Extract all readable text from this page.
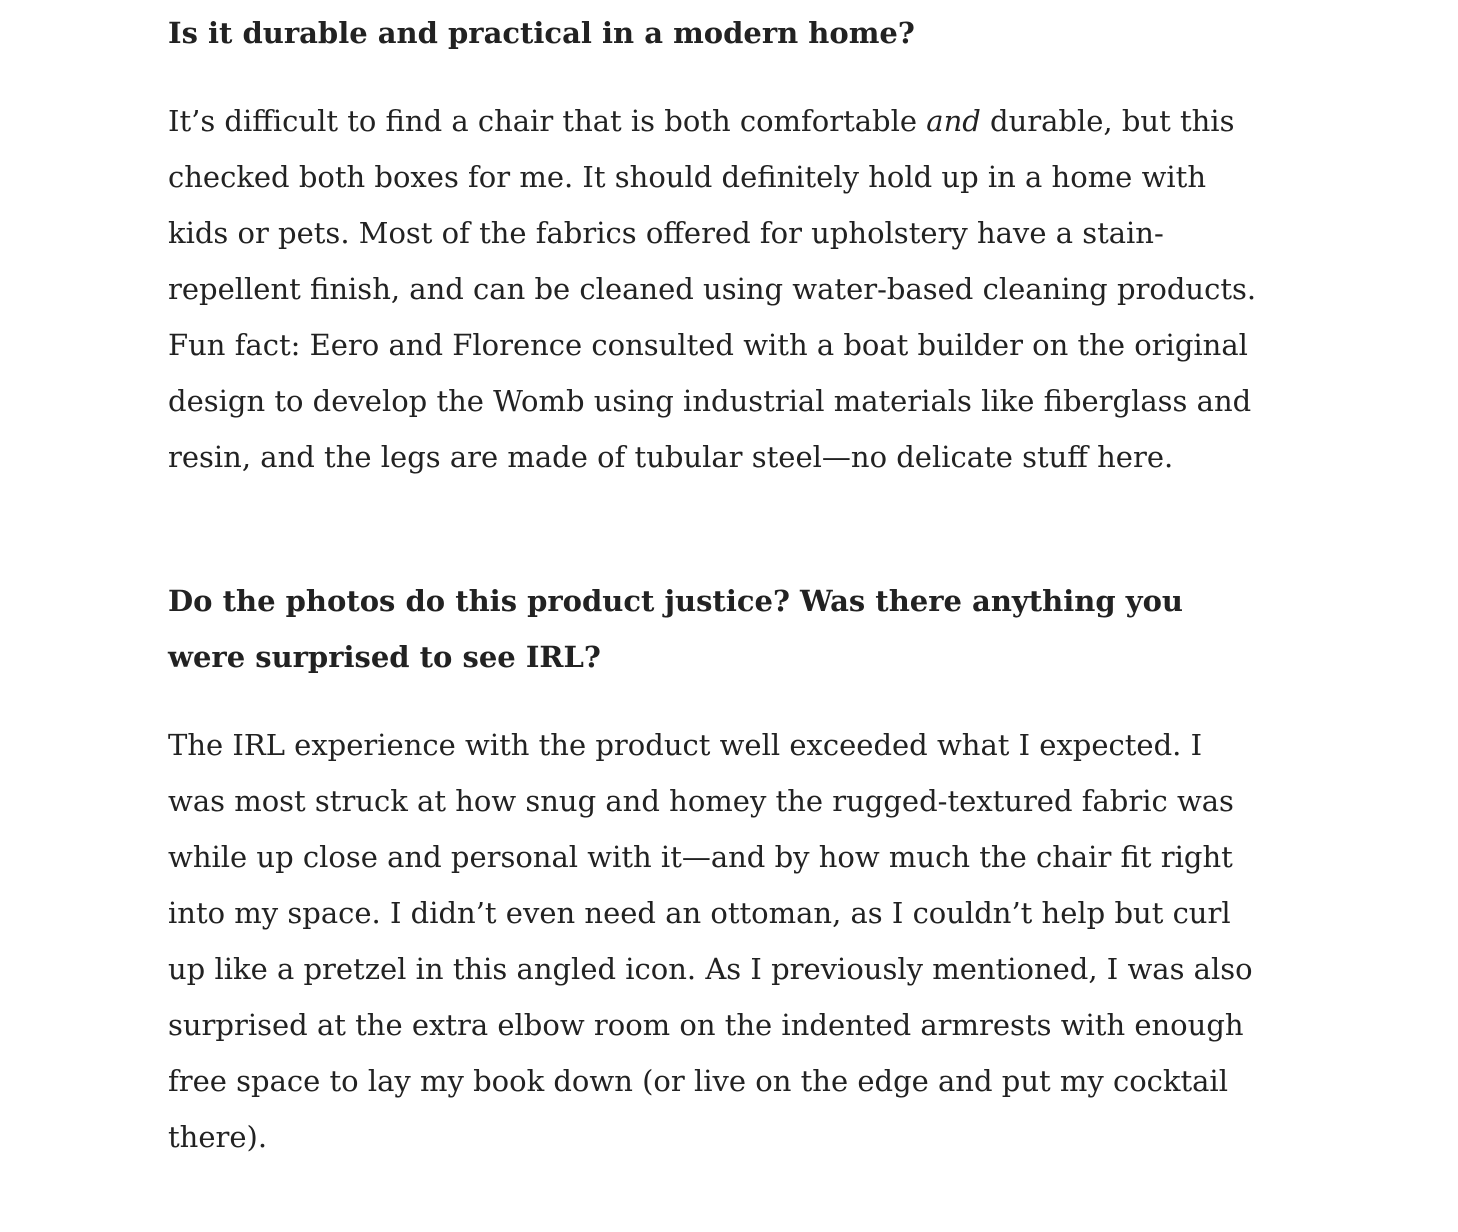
Is it durable and practical in a modern home?

It’s difficult to find a chair that is both comfortable and durable, but this checked both boxes for me. It should definitely hold up in a home with kids or pets. Most of the fabrics offered for upholstery have a stain-repellent finish, and can be cleaned using water-based cleaning products. Fun fact: Eero and Florence consulted with a boat builder on the original design to develop the Womb using industrial materials like fiberglass and resin, and the legs are made of tubular steel—no delicate stuff here.

Do the photos do this product justice? Was there anything you were surprised to see IRL?

The IRL experience with the product well exceeded what I expected. I was most struck at how snug and homey the rugged-textured fabric was while up close and personal with it—and by how much the chair fit right into my space. I didn’t even need an ottoman, as I couldn’t help but curl up like a pretzel in this angled icon. As I previously mentioned, I was also surprised at the extra elbow room on the indented armrests with enough free space to lay my book down (or live on the edge and put my cocktail there).
